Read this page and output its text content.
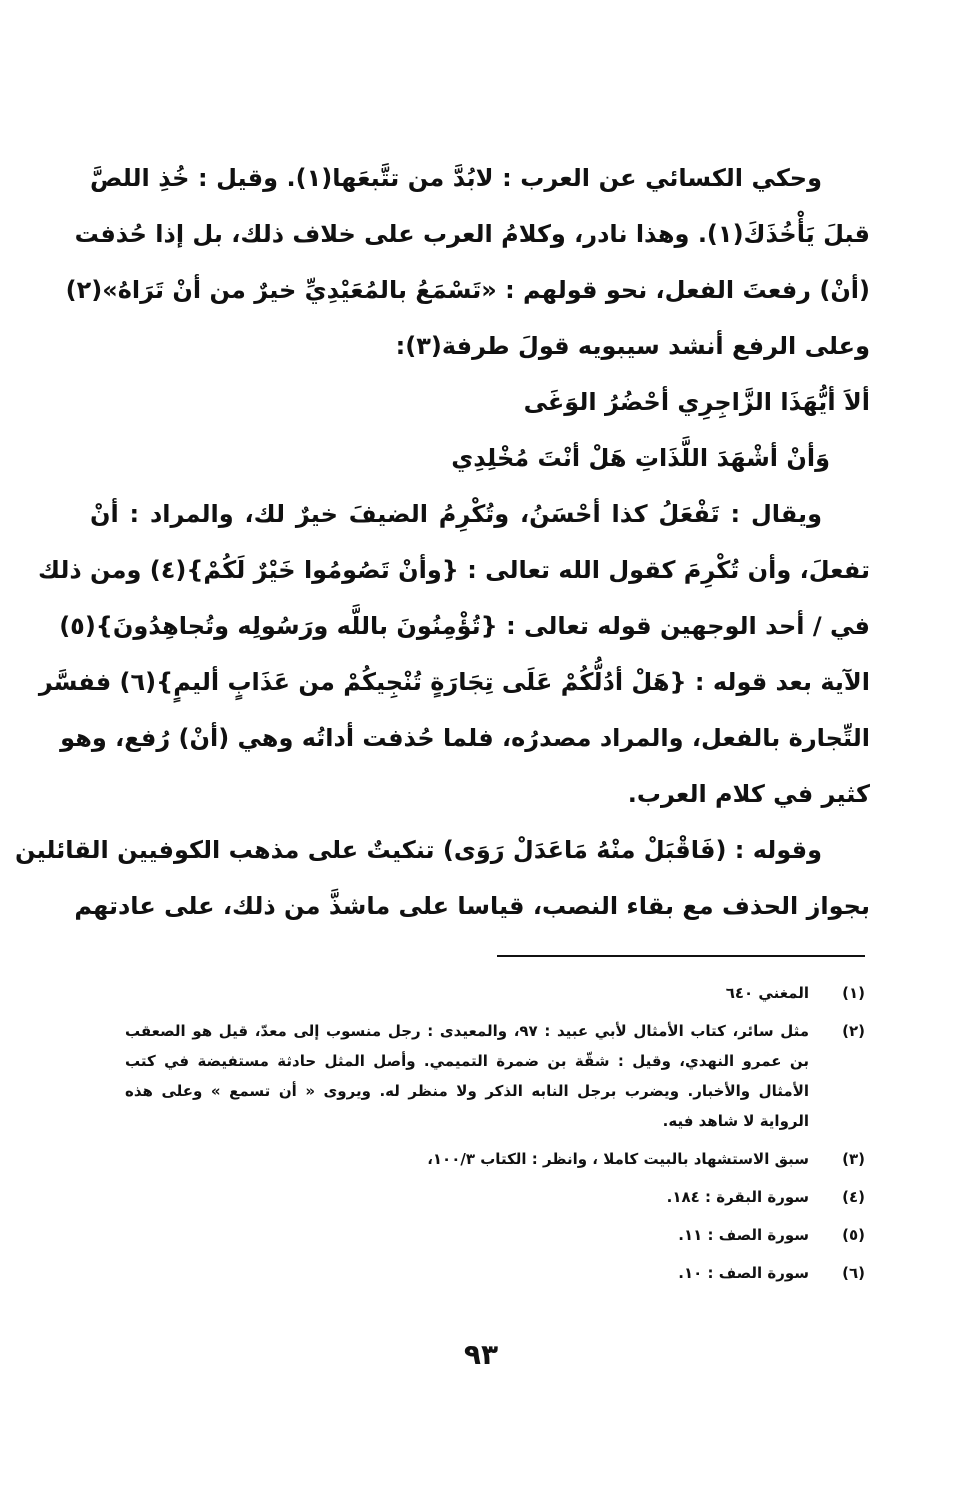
وحكي الكسائي عن العرب : لابُدَّ من تتَّبعَها(١). وقيل : خُذِ اللصَّ
قبلَ يَأْخُذَكَ(١). وهذا نادر، وكلامُ العرب على خلاف ذلك، بل إذا حُذفت
(أنْ) رفعتَ الفعل، نحو قولهم : «تَسْمَعُ بالمُعَيْدِيِّ خيرٌ من أنْ تَرَاهُ»(٢)
وعلى الرفع أنشد سيبويه قولَ طرفة(٣):

ألاَ أيُّهَذَا الزَّاجِرِي أحْضُرُ الوَغَى
وَأنْ أشْهَدَ اللَّذَاتِ هَلْ أنْتَ مُخْلِدِي

ويقال : تَفْعَلُ كذا أحْسَنُ، وتُكْرِمُ الضيفَ خيرٌ لك، والمراد : أنْ
تفعلَ، وأن تُكْرِمَ كقول الله تعالى : {وأنْ تَصُومُوا خَيْرٌ لَكُمْ}(٤) ومن ذلك
في / أحد الوجهين قوله تعالى : {تُؤْمِنُونَ باللَّه ورَسُولِه وتُجاهِدُونَ}(٥)
الآية بعد قوله : {هَلْ أدُلُّكُمْ عَلَى تِجَارَةٍ تُنْجِيكُمْ من عَذَابٍ أليمٍ}(٦) ففسَّر
التِّجارة بالفعل، والمراد مصدرُه، فلما حُذفت أداتُه وهي (أنْ) رُفع، وهو
كثير في كلام العرب.

وقوله : (فَاقْبَلْ منْهُ مَاعَدَلْ رَوَى) تنكيتٌ على مذهب الكوفيين القائلين
بجواز الحذف مع بقاء النصب، قياسا على ماشذَّ من ذلك، على عادتهم

(١)
المغني ٦٤٠
(٢)
مثل سائر، كتاب الأمثال لأبي عبيد : ٩٧، والمعيدى : رجل منسوب إلى معدّ، قيل هو الصعقب بن عمرو النهدي، وقيل : شقّة بن ضمرة التميمي. وأصل المثل حادثة مستفيضة في كتب الأمثال والأخبار. ويضرب برجل النابه الذكر ولا منظر له. ويروى « أن تسمع » وعلى هذه الرواية لا شاهد فيه.
(٣)
سبق الاستشهاد بالبيت كاملا ، وانظر : الكتاب ١٠٠/٣،
(٤)
سورة البقرة : ١٨٤.
(٥)
سورة الصف : ١١.
(٦)
سورة الصف : ١٠.
٩٣
